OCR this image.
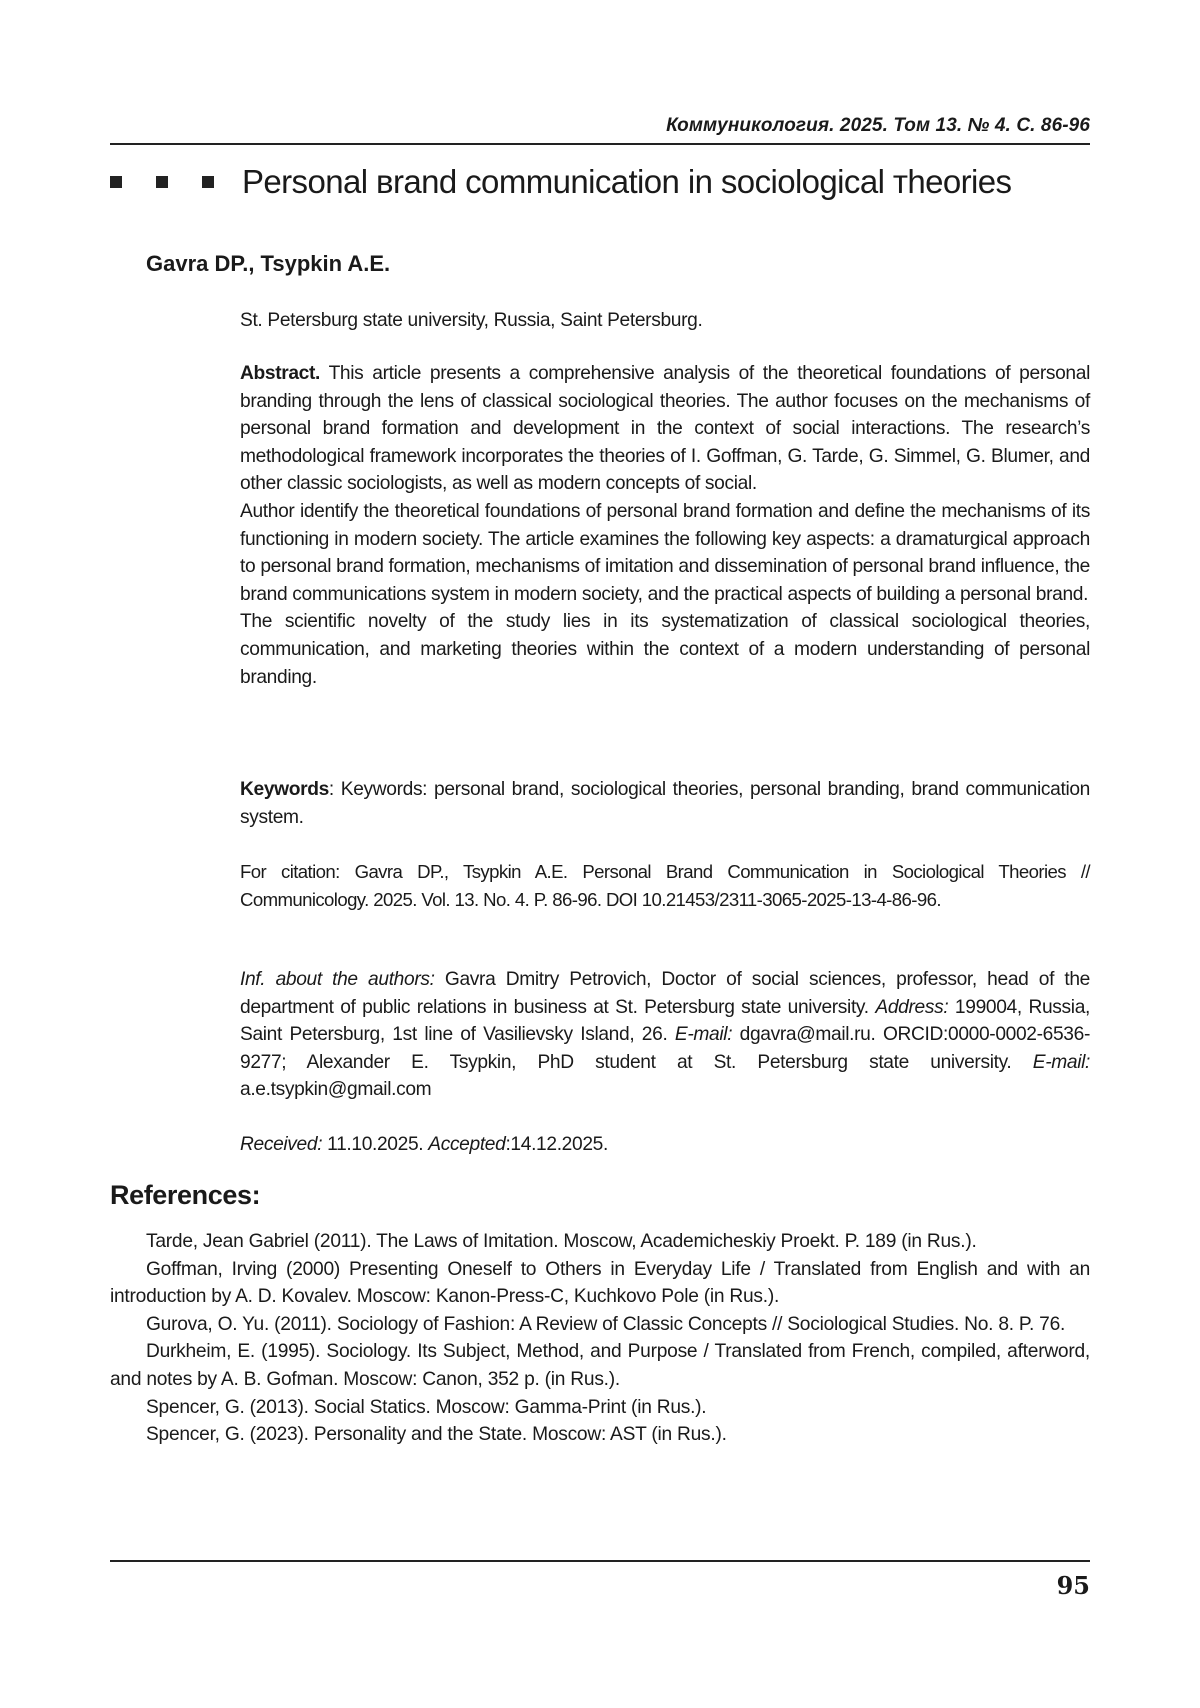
Коммуникология. 2025. Том 13. № 4. С. 86-96
Personal вrand communication in sociological тheories
Gavra DP., Tsypkin A.E.
St. Petersburg state university, Russia, Saint Petersburg.

Abstract. This article presents a comprehensive analysis of the theoretical foundations of personal branding through the lens of classical sociological theories. The author focuses on the mechanisms of personal brand formation and development in the context of social interactions. The research’s methodological framework incorporates the theories of I. Goffman, G. Tarde, G. Simmel, G. Blumer, and other classic sociologists, as well as modern concepts of social.

Author identify the theoretical foundations of personal brand formation and define the mechanisms of its functioning in modern society. The article examines the following key aspects: a dramaturgical approach to personal brand formation, mechanisms of imitation and dissemination of personal brand influence, the brand communications system in modern society, and the practical aspects of building a personal brand.

The scientific novelty of the study lies in its systematization of classical sociological theories, communication, and marketing theories within the context of a modern understanding of personal branding.

Keywords: Keywords: personal brand, sociological theories, personal branding, brand communication system.
For citation: Gavra DP., Tsypkin A.E. Personal Brand Communication in Sociological Theories // Communicology. 2025. Vol. 13. No. 4. P. 86-96. DOI 10.21453/2311-3065-2025-13-4-86-96.
Inf. about the authors: Gavra Dmitry Petrovich, Doctor of social sciences, professor, head of the department of public relations in business at St. Petersburg state university. Address: 199004, Russia, Saint Petersburg, 1st line of Vasilievsky Island, 26. E-mail: dgavra@mail.ru. ORCID:0000-0002-6536-9277; Alexander E. Tsypkin, PhD student at St. Petersburg state university. E-mail: a.e.tsypkin@gmail.com
Received: 11.10.2025. Accepted:14.12.2025.
References:

Tarde, Jean Gabriel (2011). The Laws of Imitation. Moscow, Academicheskiy Proekt. P. 189 (in Rus.).

Goffman, Irving (2000) Presenting Oneself to Others in Everyday Life / Translated from English and with an introduction by A. D. Kovalev. Moscow: Kanon-Press-C, Kuchkovo Pole (in Rus.).

Gurova, O. Yu. (2011). Sociology of Fashion: A Review of Classic Concepts // Sociological Studies. No. 8. P. 76.

Durkheim, E. (1995). Sociology. Its Subject, Method, and Purpose / Translated from French, compiled, afterword, and notes by A. B. Gofman. Moscow: Canon, 352 p. (in Rus.).

Spencer, G. (2013). Social Statics. Moscow: Gamma-Print (in Rus.).

Spencer, G. (2023). Personality and the State. Moscow: AST (in Rus.).

95
